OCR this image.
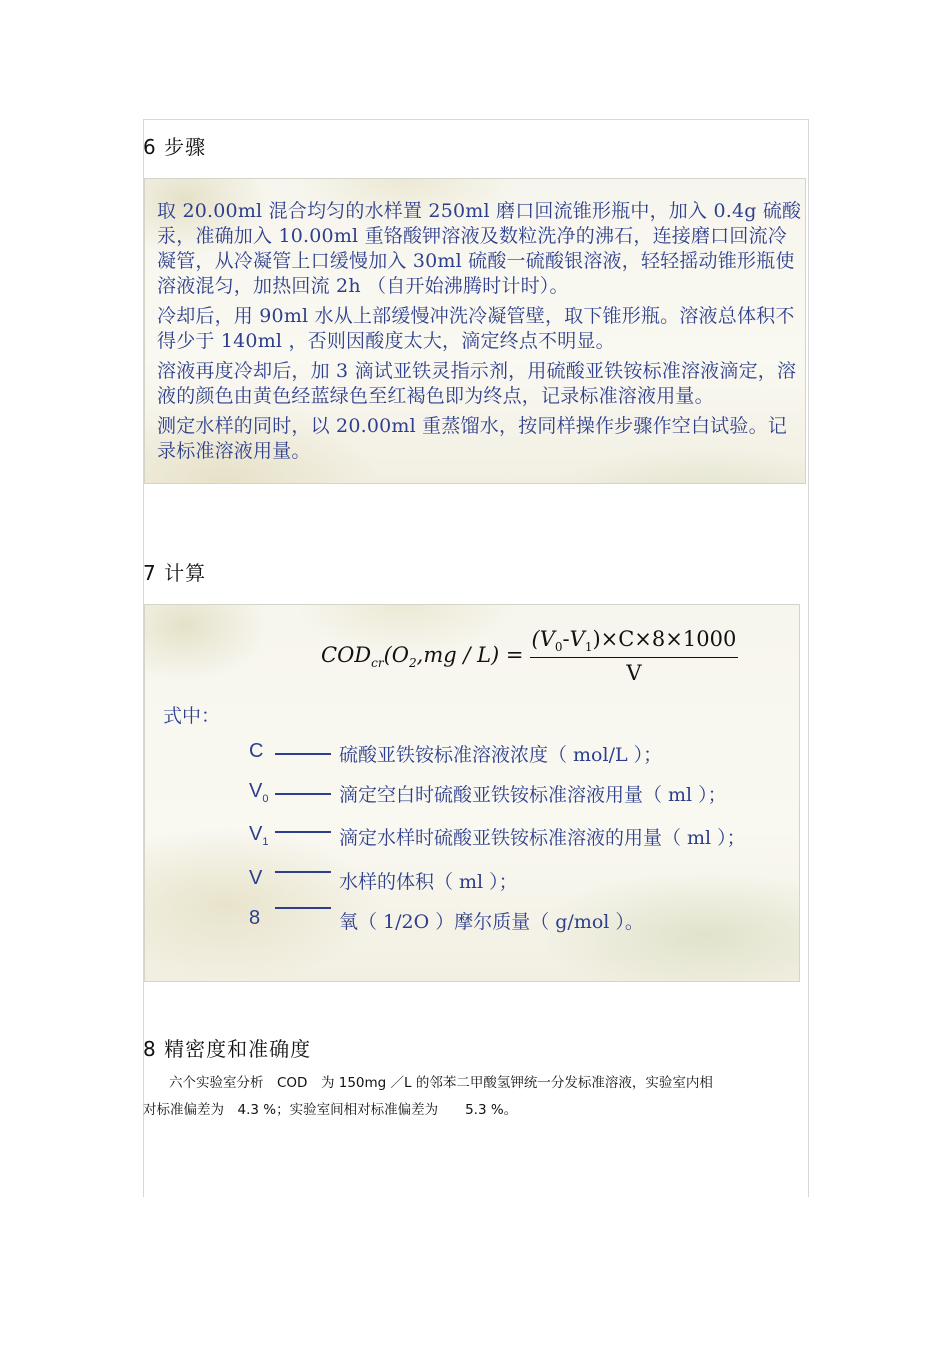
6 步骤
取 20.00ml 混合均匀的水样置 250ml 磨口回流锥形瓶中，加入 0.4g 硫酸汞，准确加入 10.00ml 重铬酸钾溶液及数粒洗净的沸石，连接磨口回流冷凝管，从冷凝管上口缓慢加入 30ml 硫酸一硫酸银溶液，轻轻摇动锥形瓶使溶液混匀，加热回流 2h （自开始沸腾时计时）。
冷却后，用 90ml 水从上部缓慢冲洗冷凝管壁，取下锥形瓶。溶液总体积不得少于 140ml ，否则因酸度太大，滴定终点不明显。
溶液再度冷却后，加 3 滴试亚铁灵指示剂，用硫酸亚铁铵标准溶液滴定，溶液的颜色由黄色经蓝绿色至红褐色即为终点，记录标准溶液用量。
测定水样的同时，以 20.00ml 重蒸馏水，按同样操作步骤作空白试验。记录标准溶液用量。
7 计算
$COD_{cr}(O_2,mg / L) = \frac{(V_0-V_1)\times C\times 8\times 1000}{V}$
式中：
C	硫酸亚铁铵标准溶液浓度（ mol/L ）；
$V_0$	滴定空白时硫酸亚铁铵标准溶液用量（ ml ）；
$V_1$	滴定水样时硫酸亚铁铵标准溶液的用量（ ml ）；
V	水样的体积（ ml ）；
8	氧（ 1/2O ）摩尔质量（ g/mol ）。
8 精密度和准确度
六个实验室分析　COD　为 150mg ／L 的邻苯二甲酸氢钾统一分发标准溶液，实验室内相
对标准偏差为　4.3 %；实验室间相对标准偏差为　　5.3 %。
